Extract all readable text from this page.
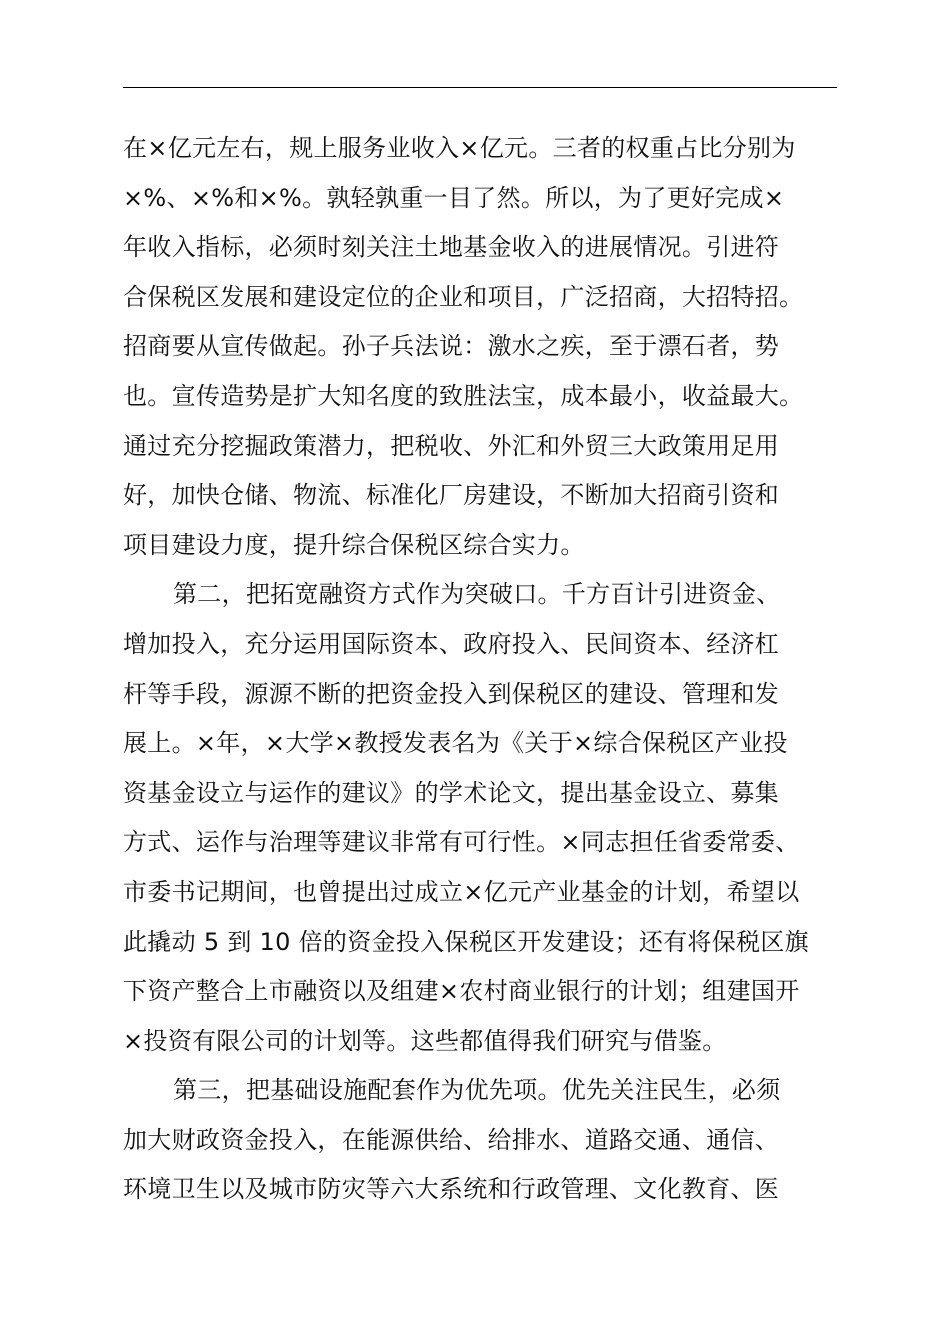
在×亿元左右，规上服务业收入×亿元。三者的权重占比分别为
×%、×%和×%。孰轻孰重一目了然。所以，为了更好完成×
年收入指标，必须时刻关注土地基金收入的进展情况。引进符
合保税区发展和建设定位的企业和项目，广泛招商，大招特招。
招商要从宣传做起。孙子兵法说：激水之疾，至于漂石者，势
也。宣传造势是扩大知名度的致胜法宝，成本最小，收益最大。
通过充分挖掘政策潜力，把税收、外汇和外贸三大政策用足用
好，加快仓储、物流、标准化厂房建设，不断加大招商引资和
项目建设力度，提升综合保税区综合实力。
第二，把拓宽融资方式作为突破口。千方百计引进资金、
增加投入，充分运用国际资本、政府投入、民间资本、经济杠
杆等手段，源源不断的把资金投入到保税区的建设、管理和发
展上。×年，×大学×教授发表名为《关于×综合保税区产业投
资基金设立与运作的建议》的学术论文，提出基金设立、募集
方式、运作与治理等建议非常有可行性。×同志担任省委常委、
市委书记期间，也曾提出过成立×亿元产业基金的计划，希望以
此撬动 5 到 10 倍的资金投入保税区开发建设；还有将保税区旗
下资产整合上市融资以及组建×农村商业银行的计划；组建国开
×投资有限公司的计划等。这些都值得我们研究与借鉴。
第三，把基础设施配套作为优先项。优先关注民生，必须
加大财政资金投入，在能源供给、给排水、道路交通、通信、
环境卫生以及城市防灾等六大系统和行政管理、文化教育、医
